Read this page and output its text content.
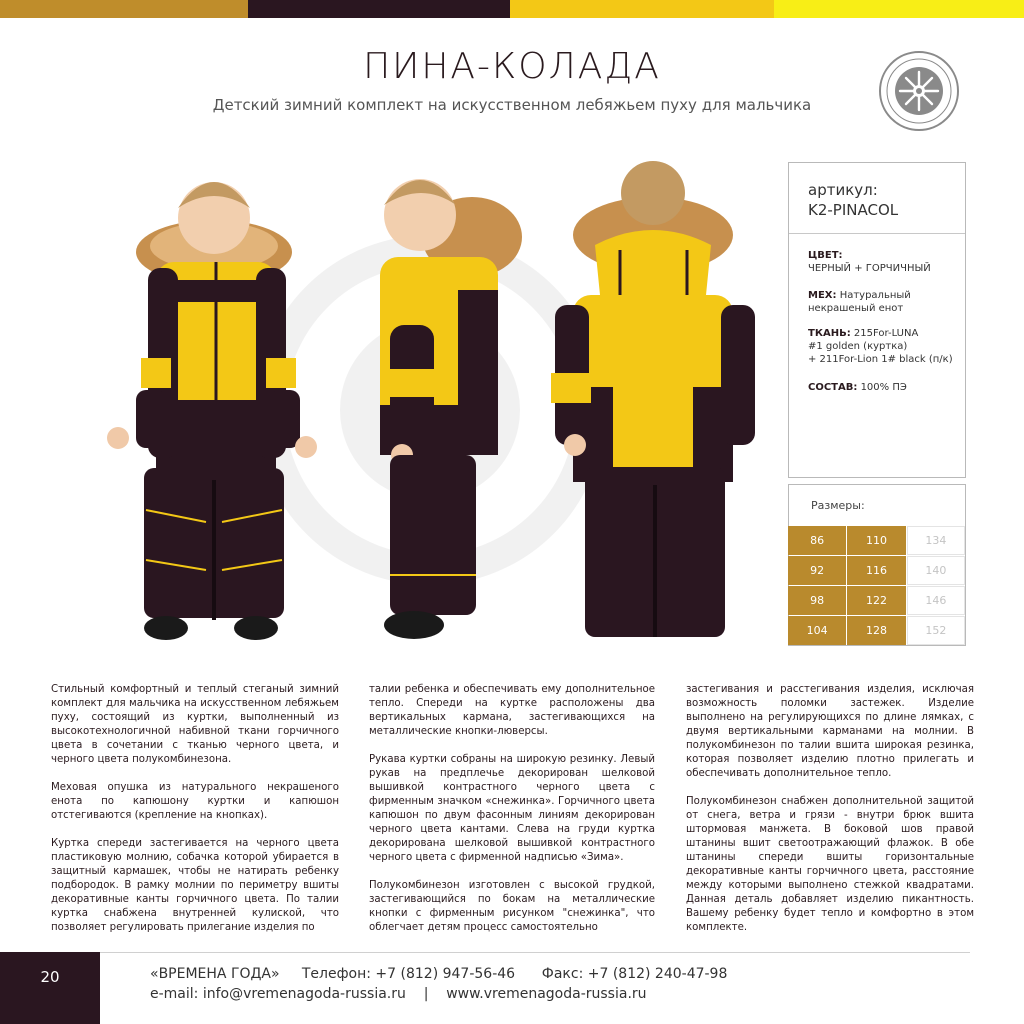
ПИНА-КОЛАДА
Детский зимний комплект на искусственном лебяжьем пуху для мальчика
артикул:
K2-PINACOL
ЦВЕТ:
ЧЕРНЫЙ + ГОРЧИЧНЫЙ
МЕХ: Натуральный некрашеный енот
ТКАНЬ: 215For-LUNA
#1 golden (куртка)
+ 211For-Lion 1# black (п/к)
СОСТАВ: 100% ПЭ
Размеры:
86	110	134
92	116	140
98	122	146
104	128	152

Стильный комфортный и теплый стеганый зимний комплект для мальчика на искусственном лебяжьем пуху, состоящий из куртки, выполненный из высокотехнологичной набивной ткани горчичного цвета в сочетании с тканью черного цвета, и черного цвета полукомбинезона.

Меховая опушка из натурального некрашеного енота по капюшону куртки и капюшон отстегиваются (крепление на кнопках).

Куртка спереди застегивается на черного цвета пластиковую молнию, собачка которой убирается в защитный кармашек, чтобы не натирать ребенку подбородок. В рамку молнии по периметру вшиты декоративные канты горчичного цвета. По талии куртка снабжена внутренней кулиской, что позволяет регулировать прилегание изделия по

талии ребенка и обеспечивать ему дополнительное тепло. Спереди на куртке расположены два вертикальных кармана, застегивающихся на металлические кнопки-люверсы.

Рукава куртки собраны на широкую резинку. Левый рукав на предплечье декорирован шелковой вышивкой контрастного черного цвета с фирменным значком «снежинка». Горчичного цвета капюшон по двум фасонным линиям декорирован черного цвета кантами. Слева на груди куртка декорирована шелковой вышивкой контрастного черного цвета с фирменной надписью «Зима».

Полукомбинезон изготовлен с высокой грудкой, застегивающийся по бокам на металлические кнопки с фирменным рисунком "снежинка", что облегчает детям процесс самостоятельно

застегивания и расстегивания изделия, исключая возможность поломки застежек. Изделие выполнено на регулирующихся по длине лямках, с двумя вертикальными карманами на молнии. В полукомбинезон по талии вшита широкая резинка, которая позволяет изделию плотно прилегать и обеспечивать дополнительное тепло.

Полукомбинезон снабжен дополнительной защитой от снега, ветра и грязи - внутри брюк вшита штормовая манжета. В боковой шов правой штанины вшит светоотражающий флажок. В обе штанины спереди вшиты горизонтальные декоративные канты горчичного цвета, расстояние между которыми выполнено стежкой квадратами. Данная деталь добавляет изделию пикантность. Вашему ребенку будет тепло и комфортно в этом комплекте.

20	«ВРЕМЕНА ГОДА» Телефон: +7 (812) 947-56-46 Факс: +7 (812) 240-47-98
e-mail: info@vremenagoda-russia.ru | www.vremenagoda-russia.ru
